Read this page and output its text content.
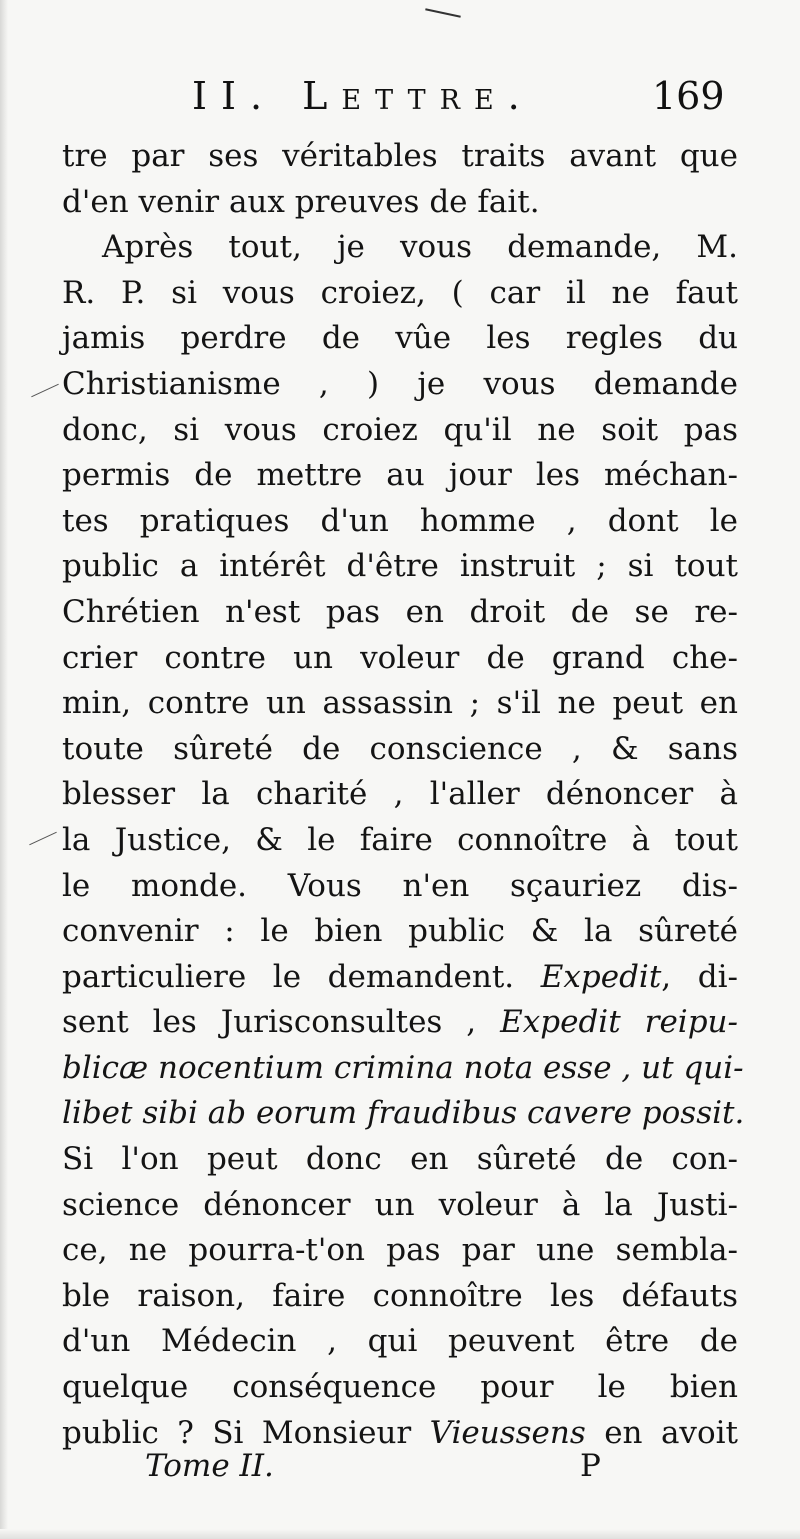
II. Lettre.	169
tre par ses véritables traits avant que
d'en venir aux preuves de fait.
Après tout, je vous demande, M.
R. P. si vous croiez, ( car il ne faut
jamis perdre de vûe les regles du
Christianisme , ) je vous demande
donc, si vous croiez qu'il ne soit pas
permis de mettre au jour les méchan-
tes pratiques d'un homme , dont le
public a intérêt d'être instruit ; si tout
Chrétien n'est pas en droit de se re-
crier contre un voleur de grand che-
min, contre un assassin ; s'il ne peut en
toute sûreté de conscience , & sans
blesser la charité , l'aller dénoncer à
la Justice, & le faire connoître à tout
le monde. Vous n'en sçauriez dis-
convenir : le bien public & la sûreté
particuliere le demandent. Expedit, di-
sent les Jurisconsultes , Expedit reipu-
blicæ nocentium crimina nota esse , ut qui-
libet sibi ab eorum fraudibus cavere possit.
Si l'on peut donc en sûreté de con-
science dénoncer un voleur à la Justi-
ce, ne pourra-t'on pas par une sembla-
ble raison, faire connoître les défauts
d'un Médecin , qui peuvent être de
quelque conséquence pour le bien
public ? Si Monsieur Vieussens en avoit
Tome II.	P
